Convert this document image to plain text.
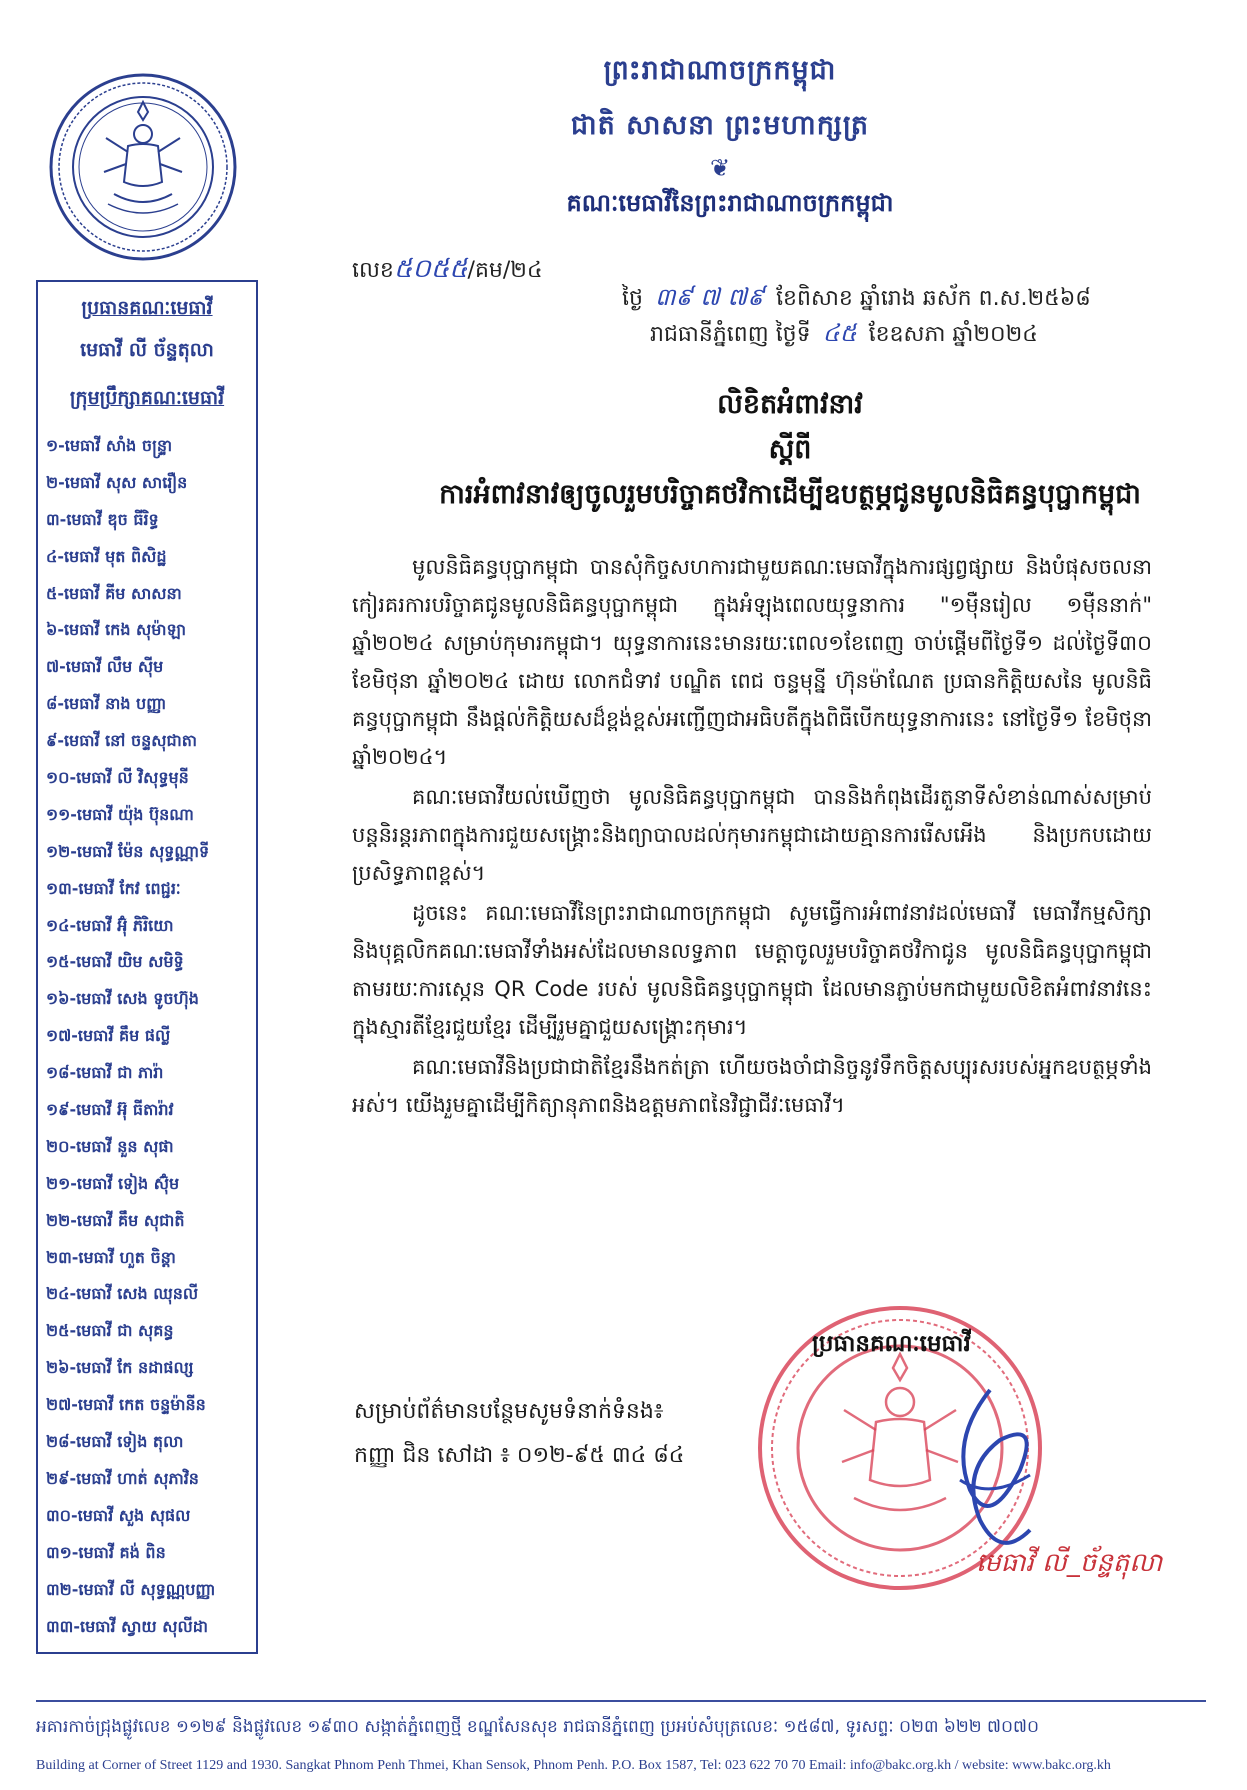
ព្រះរាជាណាចក្រកម្ពុជា
ជាតិ សាសនា ព្រះមហាក្សត្រ
❦
គណៈមេធាវីនៃព្រះរាជាណាចក្រកម្ពុជា
លេខ៥០៥៥/គម/២៤
ថ្ងៃ ៣៩ ៧ ៧៩ ខែពិសាខ ឆ្នាំរោង ឆស័ក ព.ស.២៥៦៨
រាជធានីភ្នំពេញ ថ្ងៃទី ៤៥ ខែឧសភា ឆ្នាំ២០២៤
ប្រធានគណៈមេធាវី
មេធាវី លី ច័ន្ទតុលា
ក្រុមប្រឹក្សាគណៈមេធាវី
១-មេធាវី សាំង ចន្ទ្រា
២-មេធាវី សុស សារឿន
៣-មេធាវី ឌុច ធីរិទ្ធ
៤-មេធាវី មុត ពិសិដ្ឋ
៥-មេធាវី គីម សាសនា
៦-មេធាវី កេង សុម៉ាឡា
៧-មេធាវី លឹម ស៊ីម
៨-មេធាវី នាង បញ្ញា
៩-មេធាវី នៅ ចន្ទសុជាតា
១០-មេធាវី លី វិសុទ្ធមុនី
១១-មេធាវី យ៉ុង ប៊ុនណា
១២-មេធាវី ម៉ែន សុទ្ធណ្ណាទី
១៣-មេធាវី កែវ ពេជ្ជរៈ
១៤-មេធាវី អ៊ុំ ភិរិយោ
១៥-មេធាវី យិម សមិទ្ធិ
១៦-មេធាវី សេង ទូចហ៊ុង
១៧-មេធាវី គឹម ផល្លី
១៨-មេធាវី ជា ភារ៉ា
១៩-មេធាវី អ៊ុ ធីតារ៉ាវ
២០-មេធាវី នួន សុផា
២១-មេធាវី ទៀង ស៊ុំម
២២-មេធាវី គឹម សុជាតិ
២៣-មេធាវី ហួត ចិន្តា
២៤-មេធាវី សេង ឈុនលី
២៥-មេធាវី ជា សុគន្ធ
២៦-មេធាវី កែ នដាផល្ស
២៧-មេធាវី កេត ចន្ទម៉ានីន
២៨-មេធាវី ទៀង តុលា
២៩-មេធាវី ហាត់ សុភាវិន
៣០-មេធាវី សួង សុផល
៣១-មេធាវី គង់ ពិន
៣២-មេធាវី លី សុទ្ធណ្ណបញ្ញា
៣៣-មេធាវី ស្វាយ សុលីដា
លិខិតអំពាវនាវ
ស្តីពី
ការអំពាវនាវឲ្យចូលរួមបរិច្ចាគថវិកាដើម្បីឧបត្ថម្ភជូនមូលនិធិគន្ធបុប្ផាកម្ពុជា

មូលនិធិគន្ធបុប្ផាកម្ពុជា បានសុំកិច្ចសហការជាមួយគណៈមេធាវីក្នុងការផ្សព្វផ្សាយ និងបំផុសចលនាកៀរគរការបរិច្ចាគជូនមូលនិធិគន្ធបុប្ផាកម្ពុជា ក្នុងអំឡុងពេលយុទ្ធនាការ "១ម៉ឺនរៀល ១ម៉ឺននាក់" ឆ្នាំ២០២៤ សម្រាប់កុមារកម្ពុជា។ យុទ្ធនាការនេះមានរយៈពេល១ខែពេញ ចាប់ផ្តើមពីថ្ងៃទី១ ដល់ថ្ងៃទី៣០ ខែមិថុនា ឆ្នាំ២០២៤ ដោយ លោកជំទាវ បណ្ឌិត ពេជ ចន្ទមុន្នី ហ៊ុនម៉ាណែត ប្រធានកិត្តិយសនៃ មូលនិធិគន្ធបុប្ផាកម្ពុជា នឹងផ្តល់កិត្តិយសដ៏ខ្ពង់ខ្ពស់អញ្ជើញជាអធិបតីក្នុងពិធីបើកយុទ្ធនាការនេះ នៅថ្ងៃទី១ ខែមិថុនា ឆ្នាំ២០២៤។

គណៈមេធាវីយល់ឃើញថា មូលនិធិគន្ធបុប្ផាកម្ពុជា បាននិងកំពុងដើរតួនាទីសំខាន់ណាស់សម្រាប់បន្តនិរន្តរភាពក្នុងការជួយសង្គ្រោះនិងព្យាបាលដល់កុមារកម្ពុជាដោយគ្មានការរើសអើង និងប្រកបដោយប្រសិទ្ធភាពខ្ពស់។

ដូចនេះ គណៈមេធាវីនៃព្រះរាជាណាចក្រកម្ពុជា សូមធ្វើការអំពាវនាវដល់មេធាវី មេធាវីកម្មសិក្សា និងបុគ្គលិកគណៈមេធាវីទាំងអស់ដែលមានលទ្ធភាព មេត្តាចូលរួមបរិច្ចាគថវិកាជូន មូលនិធិគន្ធបុប្ផាកម្ពុជា តាមរយៈការស្កេន QR Code របស់ មូលនិធិគន្ធបុប្ផាកម្ពុជា ដែលមានភ្ជាប់មកជាមួយលិខិតអំពាវនាវនេះ ក្នុងស្មារតីខ្មែរជួយខ្មែរ ដើម្បីរួមគ្នាជួយសង្គ្រោះកុមារ។

គណៈមេធាវីនិងប្រជាជាតិខ្មែរនឹងកត់ត្រា ហើយចងចាំជានិច្ចនូវទឹកចិត្តសប្បុរសរបស់អ្នកឧបត្ថម្ភទាំងអស់។ យើងរួមគ្នាដើម្បីកិត្យានុភាពនិងឧត្តមភាពនៃវិជ្ជាជីវៈមេធាវី។

សម្រាប់ព័ត៌មានបន្ថែមសូមទំនាក់ទំនង៖
កញ្ញា ជិន សៅដា ៖ ០១២-៩៥ ៣៤ ៨៤
ប្រធានគណៈមេធាវី
មេធាវី លី_ច័ន្ទតុលា
អគារកាច់ជ្រុងផ្លូវលេខ ១១២៩ និងផ្លូវលេខ ១៩៣០ សង្កាត់ភ្នំពេញថ្មី ខណ្ឌសែនសុខ រាជធានីភ្នំពេញ ប្រអប់សំបុត្រលេខៈ ១៥៨៧, ទូរសព្ទៈ ០២៣ ៦២២ ៧០៧០
Building at Corner of Street 1129 and 1930. Sangkat Phnom Penh Thmei, Khan Sensok, Phnom Penh. P.O. Box 1587, Tel: 023 622 70 70 Email: info@bakc.org.kh / website: www.bakc.org.kh
